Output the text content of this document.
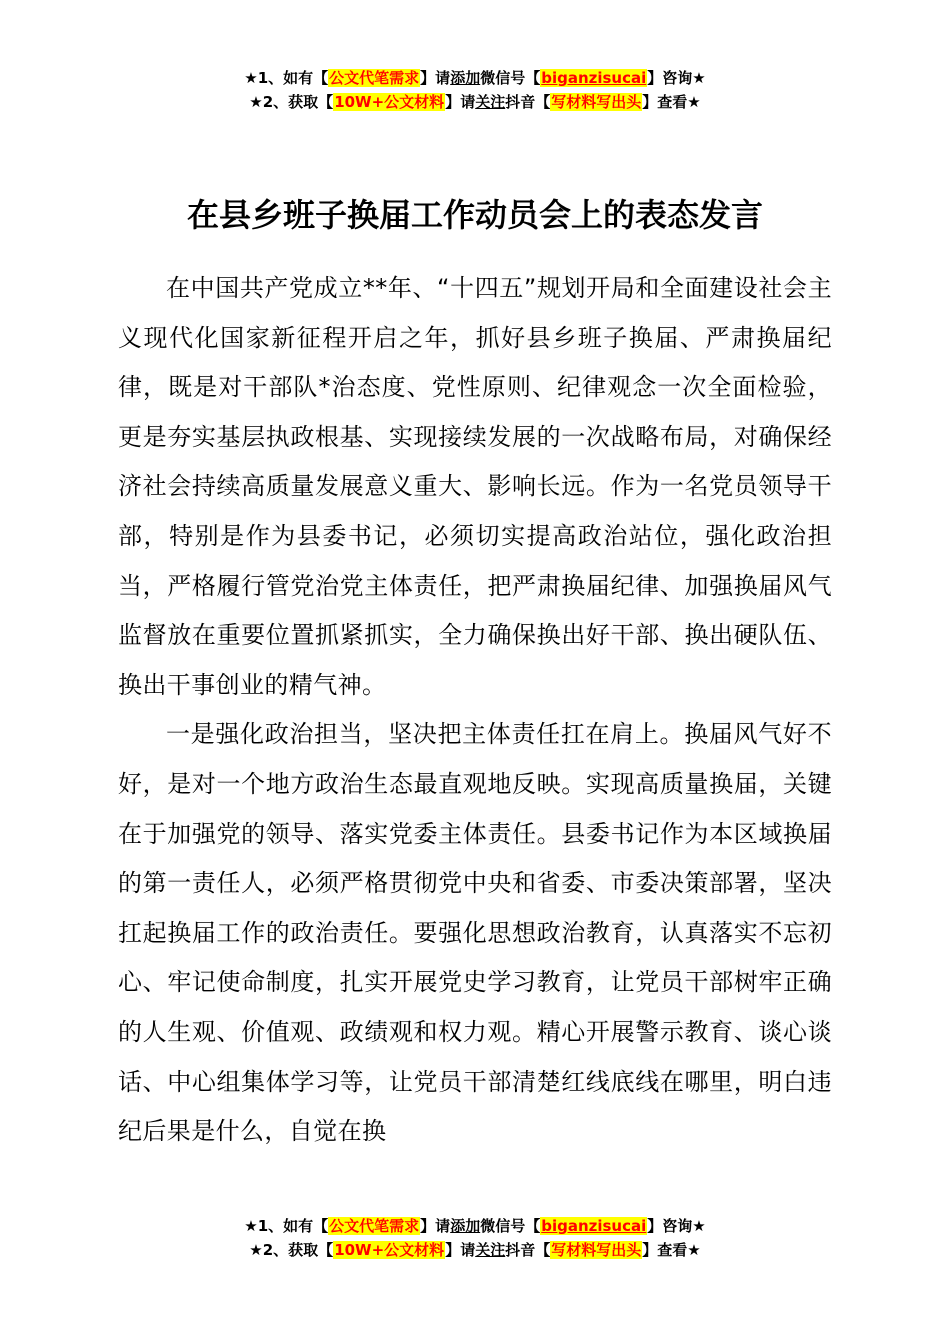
★1、如有【公文代笔需求】请添加微信号【biganzisucai】咨询★
★2、获取【10W+公文材料】请关注抖音【写材料写出头】查看★
在县乡班子换届工作动员会上的表态发言

在中国共产党成立**年、“十四五”规划开局和全面建设社会主义现代化国家新征程开启之年，抓好县乡班子换届、严肃换届纪律，既是对干部队*治态度、党性原则、纪律观念一次全面检验，更是夯实基层执政根基、实现接续发展的一次战略布局，对确保经济社会持续高质量发展意义重大、影响长远。作为一名党员领导干部，特别是作为县委书记，必须切实提高政治站位，强化政治担当，严格履行管党治党主体责任，把严肃换届纪律、加强换届风气监督放在重要位置抓紧抓实，全力确保换出好干部、换出硬队伍、换出干事创业的精气神。

一是强化政治担当，坚决把主体责任扛在肩上。换届风气好不好，是对一个地方政治生态最直观地反映。实现高质量换届，关键在于加强党的领导、落实党委主体责任。县委书记作为本区域换届的第一责任人，必须严格贯彻党中央和省委、市委决策部署，坚决扛起换届工作的政治责任。要强化思想政治教育，认真落实不忘初心、牢记使命制度，扎实开展党史学习教育，让党员干部树牢正确的人生观、价值观、政绩观和权力观。精心开展警示教育、谈心谈话、中心组集体学习等，让党员干部清楚红线底线在哪里，明白违纪后果是什么，自觉在换

★1、如有【公文代笔需求】请添加微信号【biganzisucai】咨询★
★2、获取【10W+公文材料】请关注抖音【写材料写出头】查看★
